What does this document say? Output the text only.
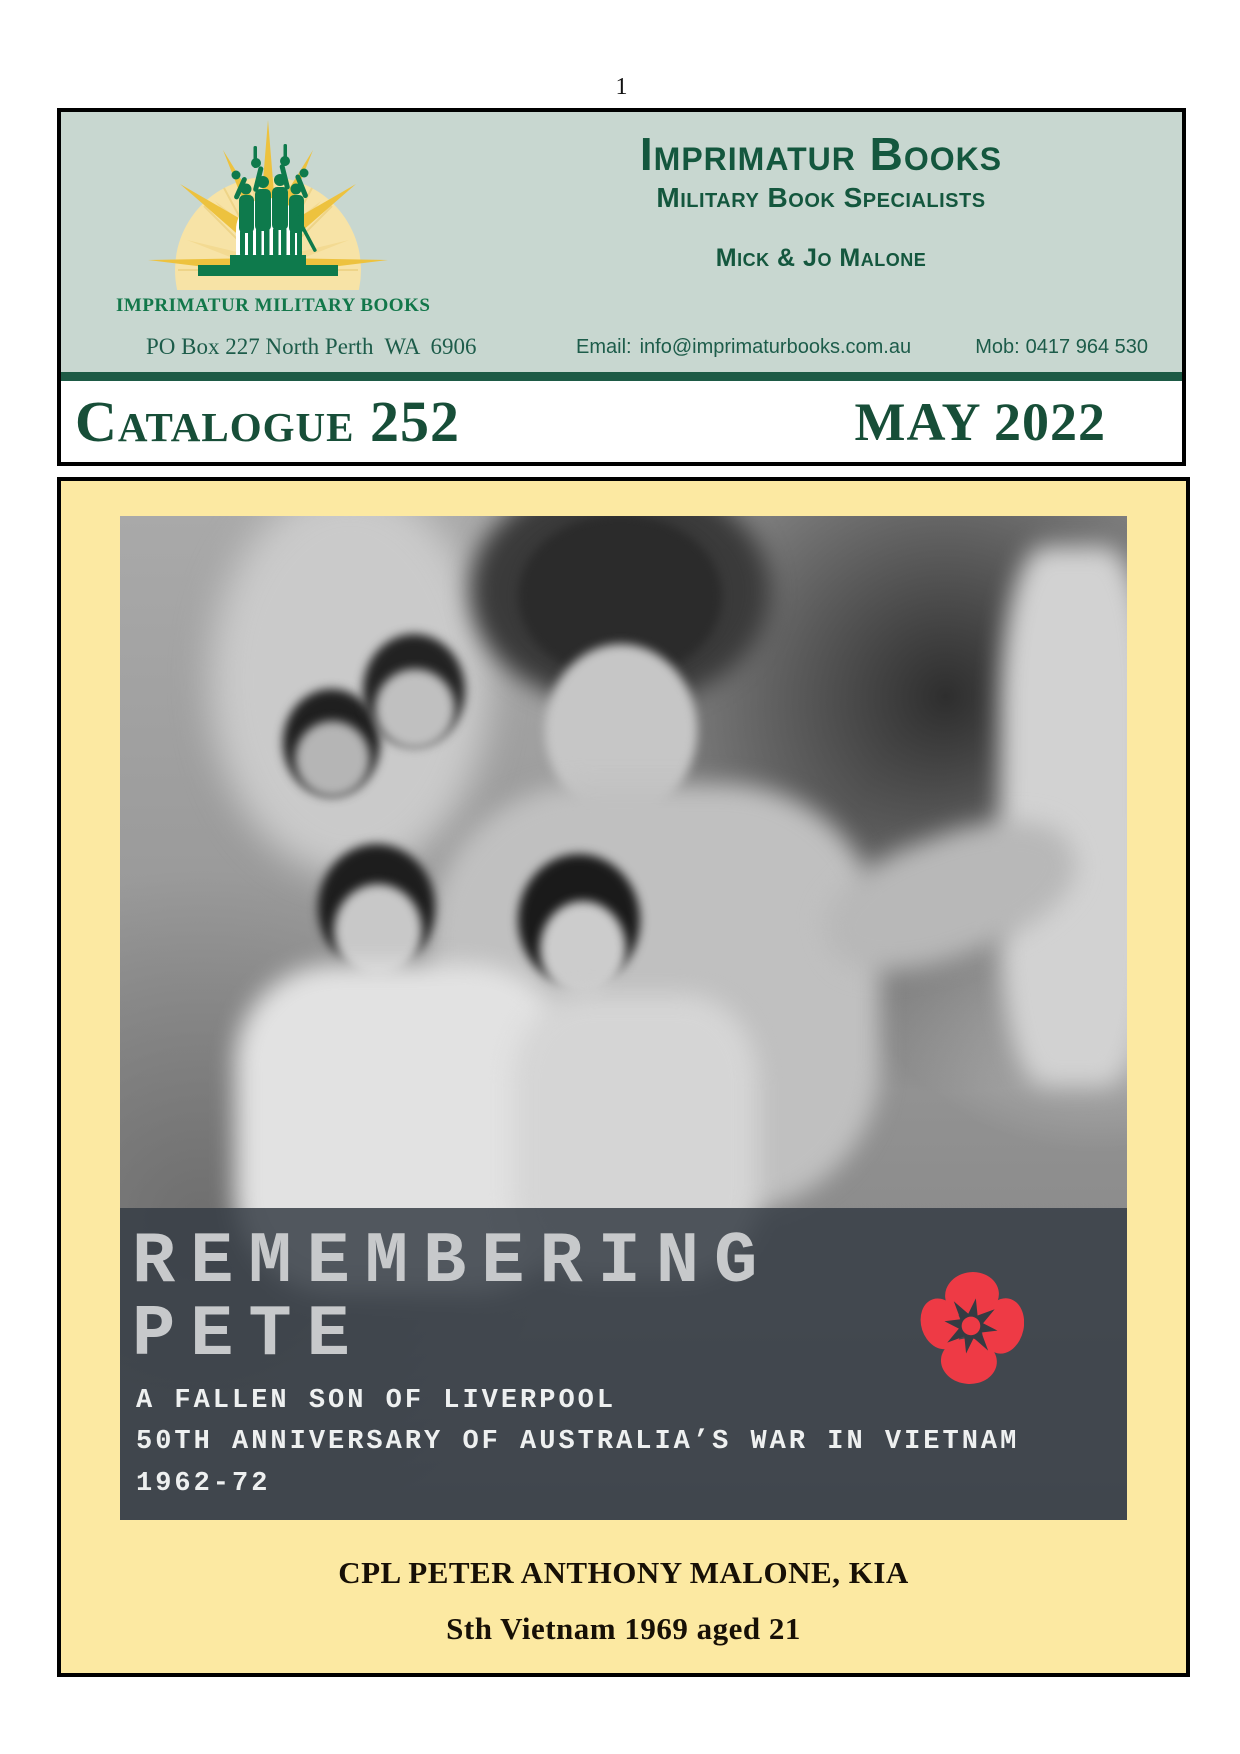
1
IMPRIMATUR MILITARY BOOKS
Imprimatur Books
Military Book Specialists
Mick & Jo Malone
PO Box 227 North Perth  WA  6906	Email: info@imprimaturbooks.com.au	Mob: 0417 964 530
Catalogue 252	MAY 2022
REMEMBERING
PETE
A FALLEN SON OF LIVERPOOL
50TH ANNIVERSARY OF AUSTRALIA’S WAR IN VIETNAM
1962-72
CPL PETER ANTHONY MALONE, KIA
Sth Vietnam 1969 aged 21
